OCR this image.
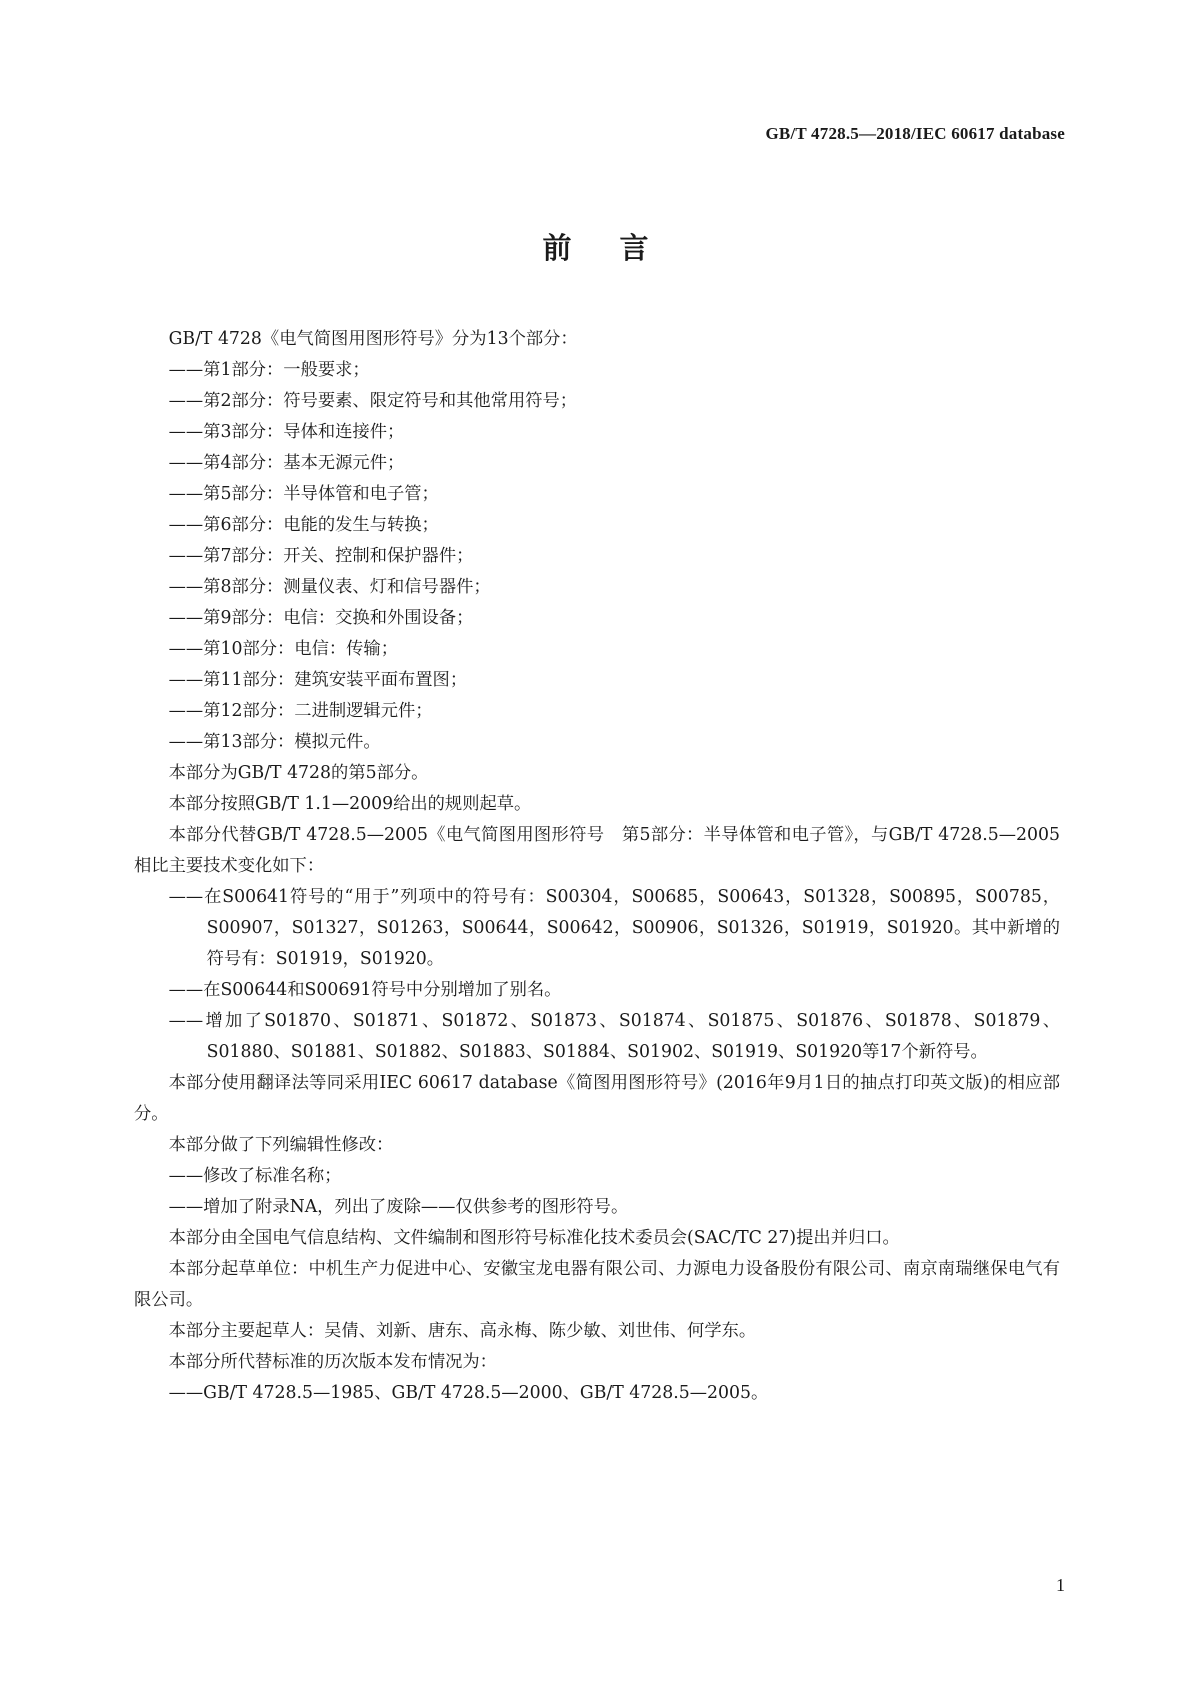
GB/T 4728.5—2018/IEC 60617 database
前言

GB/T 4728《电气简图用图形符号》分为13个部分：

——第1部分：一般要求；

——第2部分：符号要素、限定符号和其他常用符号；

——第3部分：导体和连接件；

——第4部分：基本无源元件；

——第5部分：半导体管和电子管；

——第6部分：电能的发生与转换；

——第7部分：开关、控制和保护器件；

——第8部分：测量仪表、灯和信号器件；

——第9部分：电信：交换和外围设备；

——第10部分：电信：传输；

——第11部分：建筑安装平面布置图；

——第12部分：二进制逻辑元件；

——第13部分：模拟元件。

本部分为GB/T 4728的第5部分。

本部分按照GB/T 1.1—2009给出的规则起草。

本部分代替GB/T 4728.5—2005《电气简图用图形符号　第5部分：半导体管和电子管》，与GB/T 4728.5—2005相比主要技术变化如下：

——在S00641符号的“用于”列项中的符号有：S00304，S00685，S00643，S01328，S00895，S00785，S00907，S01327，S01263，S00644，S00642，S00906，S01326，S01919，S01920。其中新增的符号有：S01919，S01920。

——在S00644和S00691符号中分别增加了别名。

——增加了S01870、S01871、S01872、S01873、S01874、S01875、S01876、S01878、S01879、S01880、S01881、S01882、S01883、S01884、S01902、S01919、S01920等17个新符号。

本部分使用翻译法等同采用IEC 60617 database《简图用图形符号》(2016年9月1日的抽点打印英文版)的相应部分。

本部分做了下列编辑性修改：

——修改了标准名称；

——增加了附录NA，列出了废除——仅供参考的图形符号。

本部分由全国电气信息结构、文件编制和图形符号标准化技术委员会(SAC/TC 27)提出并归口。

本部分起草单位：中机生产力促进中心、安徽宝龙电器有限公司、力源电力设备股份有限公司、南京南瑞继保电气有限公司。

本部分主要起草人：吴倩、刘新、唐东、高永梅、陈少敏、刘世伟、何学东。

本部分所代替标准的历次版本发布情况为：

——GB/T 4728.5—1985、GB/T 4728.5—2000、GB/T 4728.5—2005。

1
